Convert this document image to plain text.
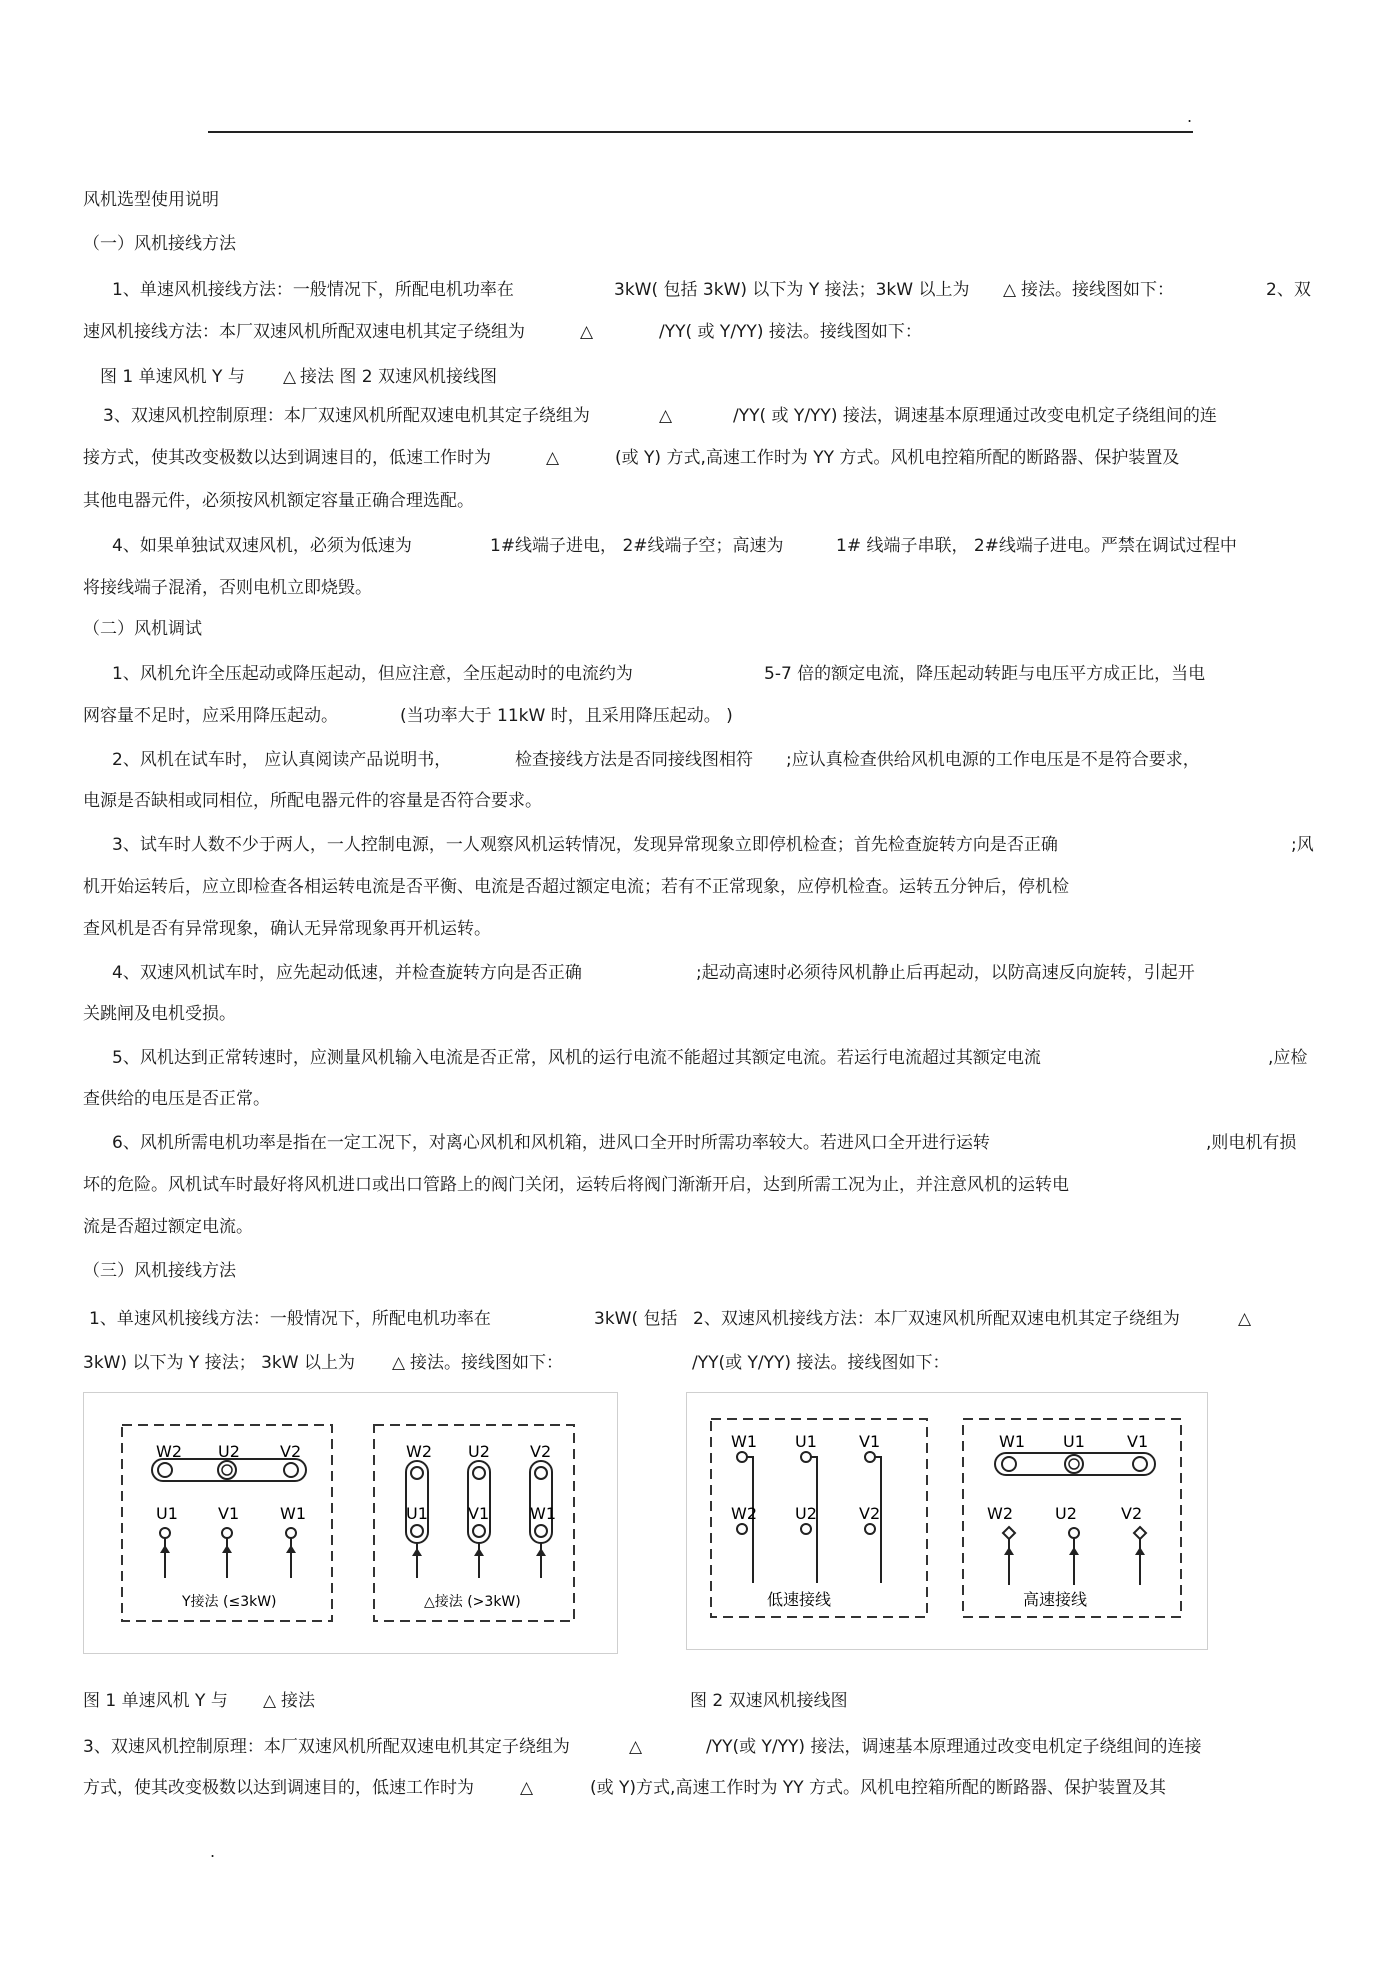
.
风机选型使用说明
（一）风机接线方法
1、单速风机接线方法：一般情况下，所配电机功率在	3kW( 包括 3kW) 以下为 Y 接法；3kW 以上为 △ 接法。接线图如下：	2、双
速风机接线方法：本厂双速风机所配双速电机其定子绕组为	△	/YY( 或 Y/YY) 接法。接线图如下：
图 1 单速风机 Y 与 △ 接法 图 2 双速风机接线图
3、双速风机控制原理：本厂双速风机所配双速电机其定子绕组为	△	/YY( 或 Y/YY) 接法，调速基本原理通过改变电机定子绕组间的连
接方式，使其改变极数以达到调速目的，低速工作时为	△	(或 Y) 方式,高速工作时为 YY 方式。风机电控箱所配的断路器、保护装置及
其他电器元件，必须按风机额定容量正确合理选配。
4、如果单独试双速风机，必须为低速为	1#线端子进电， 2#线端子空；高速为	1# 线端子串联， 2#线端子进电。严禁在调试过程中
将接线端子混淆，否则电机立即烧毁。
（二）风机调试
1、风机允许全压起动或降压起动，但应注意，全压起动时的电流约为	5-7 倍的额定电流，降压起动转距与电压平方成正比，当电
网容量不足时，应采用降压起动。	(当功率大于 11kW 时，且采用降压起动。 )
2、风机在试车时， 应认真阅读产品说明书，	检查接线方法是否同接线图相符 ;应认真检查供给风机电源的工作电压是不是符合要求，
电源是否缺相或同相位，所配电器元件的容量是否符合要求。
3、试车时人数不少于两人，一人控制电源，一人观察风机运转情况，发现异常现象立即停机检查；首先检查旋转方向是否正确	;风
机开始运转后，应立即检查各相运转电流是否平衡、电流是否超过额定电流；若有不正常现象，应停机检查。运转五分钟后，停机检
查风机是否有异常现象，确认无异常现象再开机运转。
4、双速风机试车时，应先起动低速，并检查旋转方向是否正确	;起动高速时必须待风机静止后再起动，以防高速反向旋转，引起开
关跳闸及电机受损。
5、风机达到正常转速时，应测量风机输入电流是否正常，风机的运行电流不能超过其额定电流。若运行电流超过其额定电流	,应检
查供给的电压是否正常。
6、风机所需电机功率是指在一定工况下，对离心风机和风机箱，进风口全开时所需功率较大。若进风口全开进行运转	,则电机有损
坏的危险。风机试车时最好将风机进口或出口管路上的阀门关闭，运转后将阀门渐渐开启，达到所需工况为止，并注意风机的运转电
流是否超过额定电流。
（三）风机接线方法
1、单速风机接线方法：一般情况下，所配电机功率在	3kW( 包括 2、双速风机接线方法：本厂双速风机所配双速电机其定子绕组为	△
3kW) 以下为 Y 接法； 3kW 以上为 △ 接法。接线图如下：	/YY(或 Y/YY) 接法。接线图如下：
W2 U2	V2
U1	V1	W1
Y接法 (≤3kW)
W2 U2	V2
U1	V1	W1
△接法 (>3kW)
W1 U1	V1
W2 U2	V2
低速接线
W1 U1	V1
W2	U2	V2
高速接线
图 1 单速风机 Y 与 △ 接法	图 2 双速风机接线图
3、双速风机控制原理：本厂双速风机所配双速电机其定子绕组为	△	/YY(或 Y/YY) 接法，调速基本原理通过改变电机定子绕组间的连接
方式，使其改变极数以达到调速目的，低速工作时为	△	(或 Y)方式,高速工作时为 YY 方式。风机电控箱所配的断路器、保护装置及其
.
